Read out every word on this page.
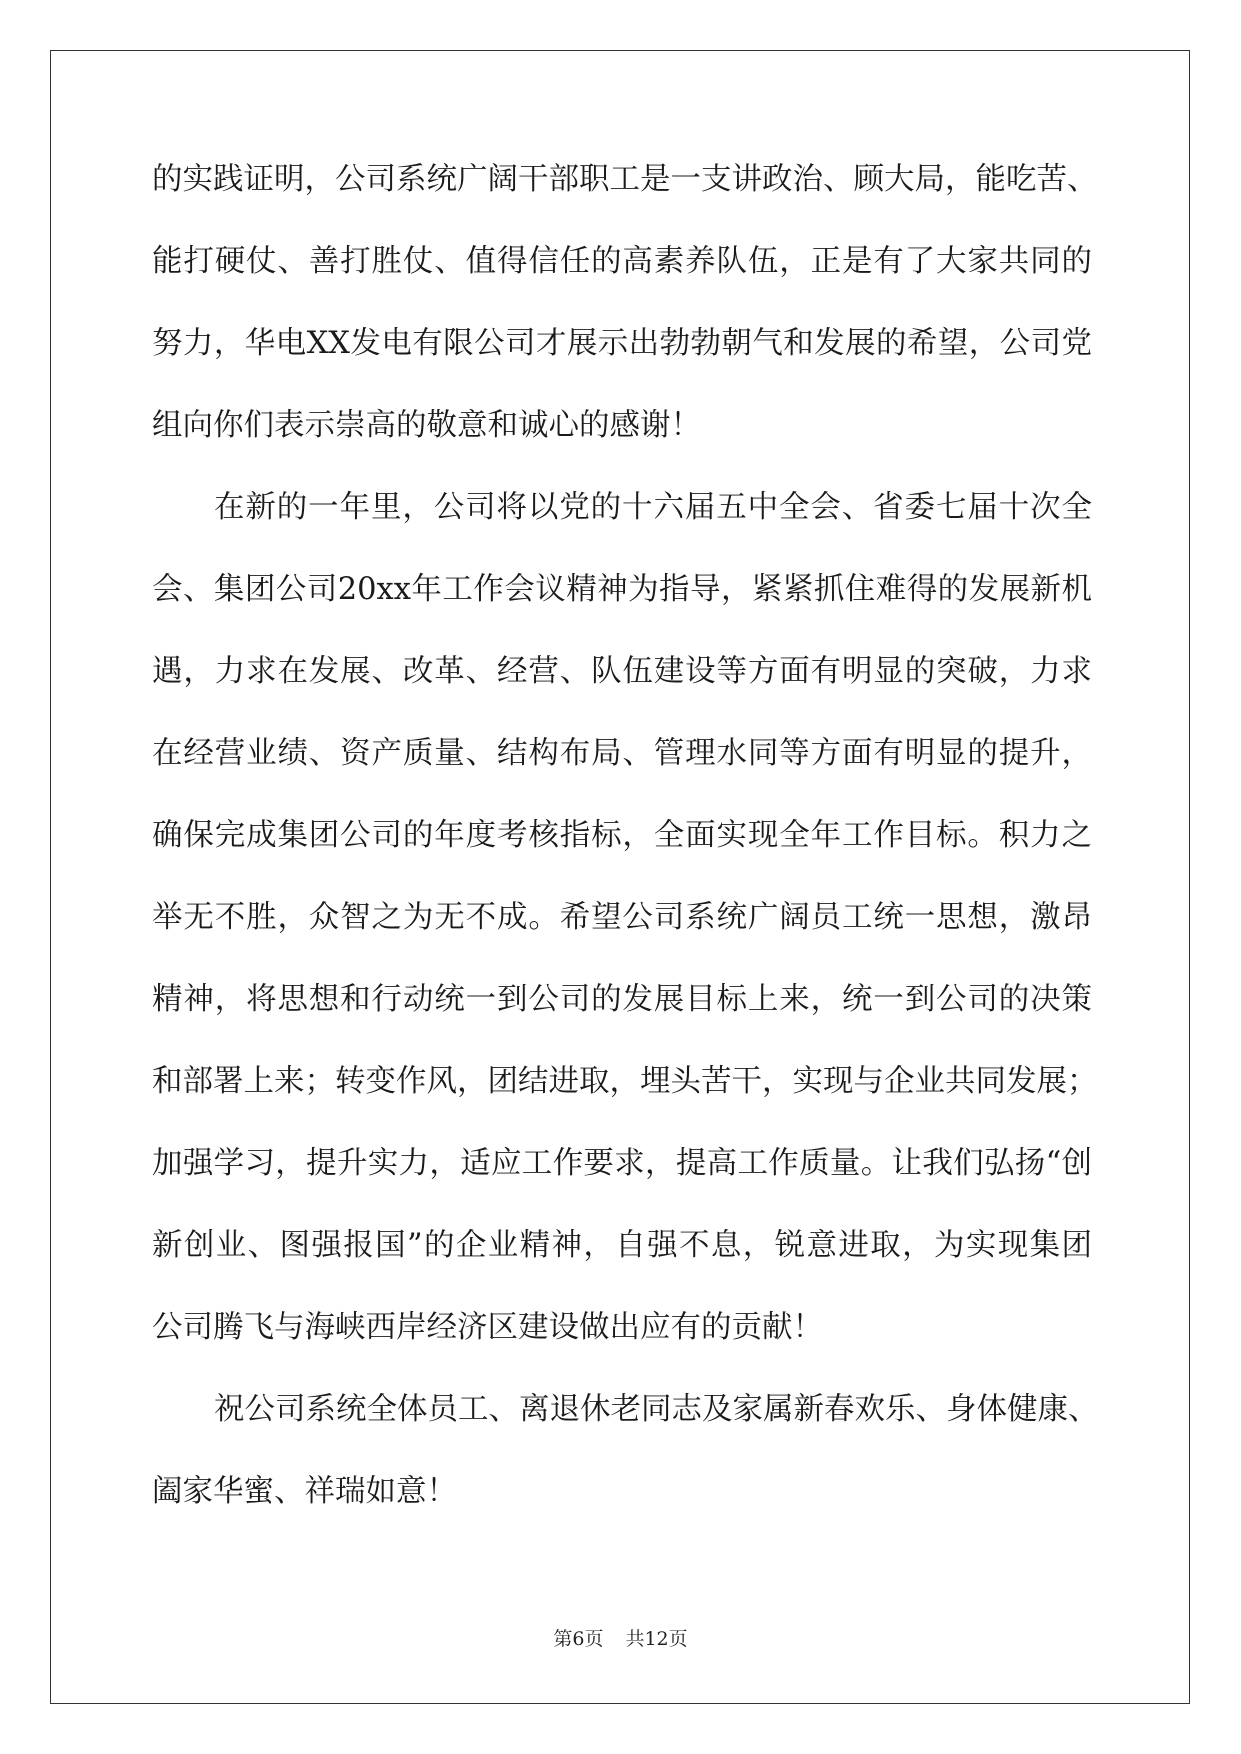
的实践证明，公司系统广阔干部职工是一支讲政治、顾大局，能吃苦、
能打硬仗、善打胜仗、值得信任的高素养队伍，正是有了大家共同的
努力，华电XX发电有限公司才展示出勃勃朝气和发展的希望，公司党
组向你们表示崇高的敬意和诚心的感谢！
在新的一年里，公司将以党的十六届五中全会、省委七届十次全
会、集团公司20xx年工作会议精神为指导，紧紧抓住难得的发展新机
遇，力求在发展、改革、经营、队伍建设等方面有明显的突破，力求
在经营业绩、资产质量、结构布局、管理水同等方面有明显的提升，
确保完成集团公司的年度考核指标，全面实现全年工作目标。积力之
举无不胜，众智之为无不成。希望公司系统广阔员工统一思想，激昂
精神，将思想和行动统一到公司的发展目标上来，统一到公司的决策
和部署上来；转变作风，团结进取，埋头苦干，实现与企业共同发展；
加强学习，提升实力，适应工作要求，提高工作质量。让我们弘扬“创
新创业、图强报国”的企业精神，自强不息，锐意进取，为实现集团
公司腾飞与海峡西岸经济区建设做出应有的贡献！
祝公司系统全体员工、离退休老同志及家属新春欢乐、身体健康、
阖家华蜜、祥瑞如意！
第6页 共12页
